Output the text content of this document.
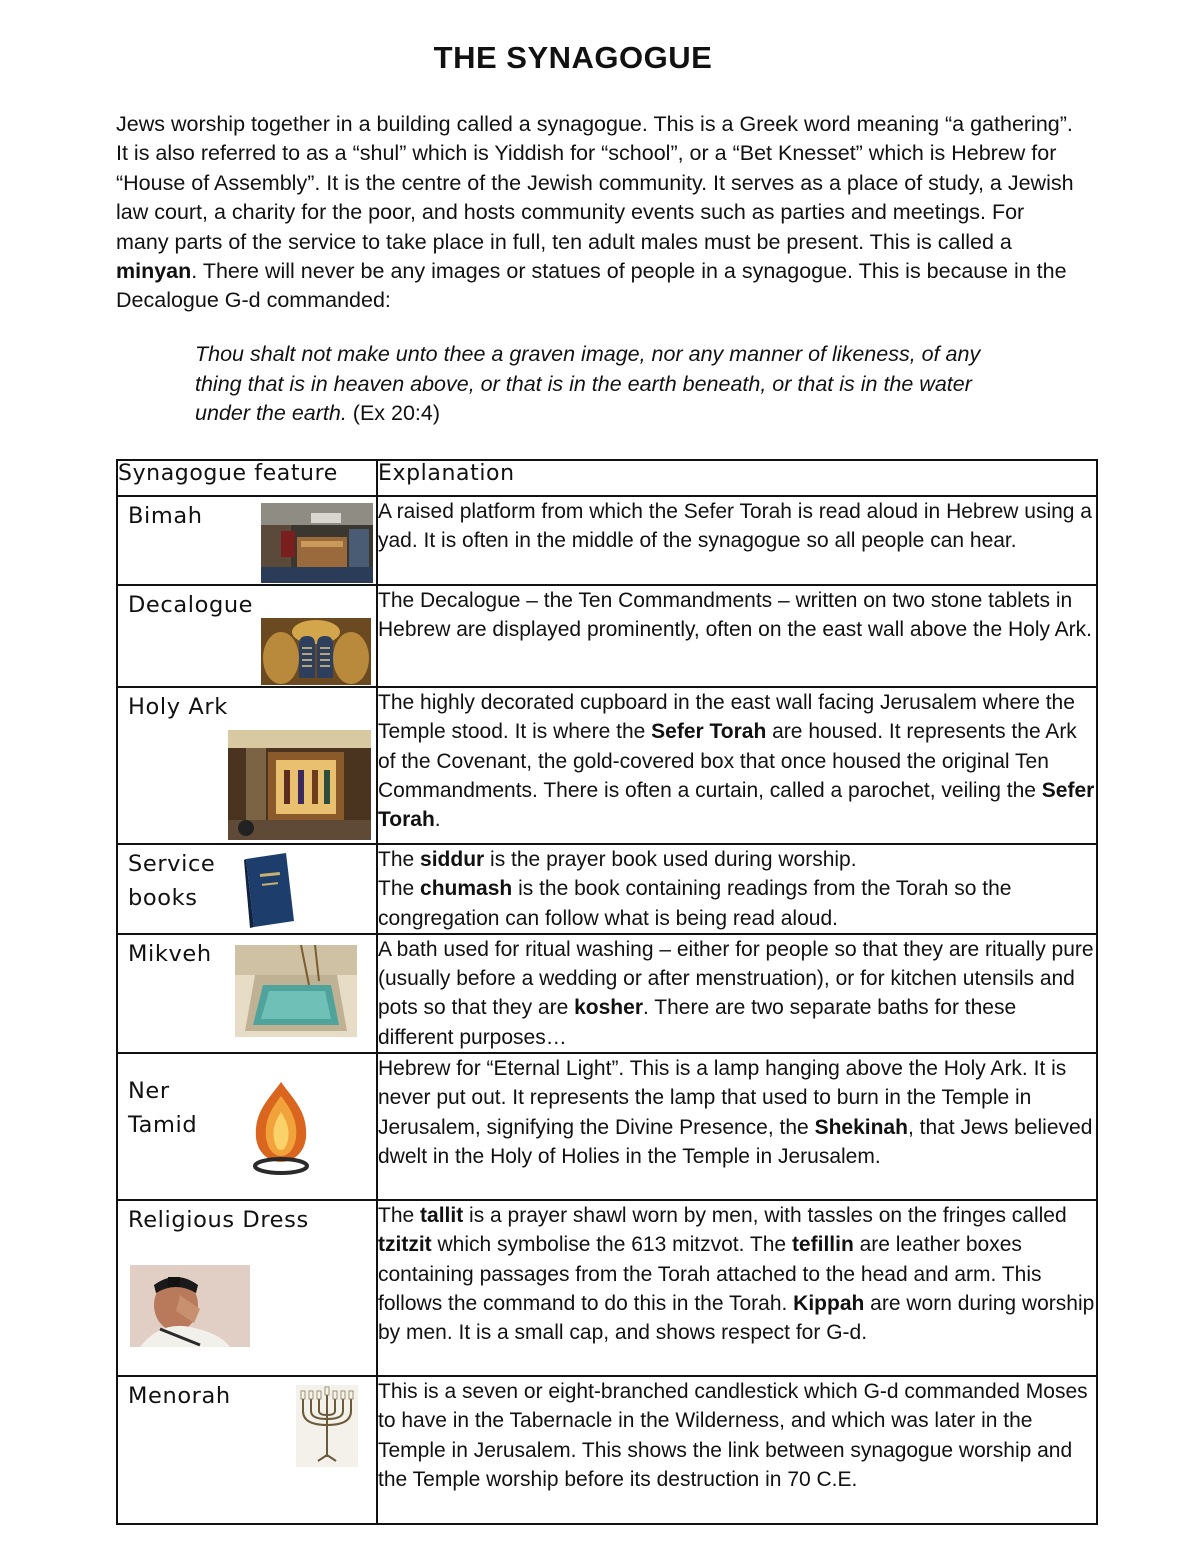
THE SYNAGOGUE

Jews worship together in a building called a synagogue. This is a Greek word meaning “a gathering”. It is also referred to as a “shul” which is Yiddish for “school”, or a “Bet Knesset” which is Hebrew for “House of Assembly”. It is the centre of the Jewish community. It serves as a place of study, a Jewish law court, a charity for the poor, and hosts community events such as parties and meetings. For many parts of the service to take place in full, ten adult males must be present. This is called a minyan. There will never be any images or statues of people in a synagogue. This is because in the Decalogue G-d commanded:

Thou shalt not make unto thee a graven image, nor any manner of likeness, of any thing that is in heaven above, or that is in the earth beneath, or that is in the water under the earth. (Ex 20:4)

Synagogue feature	Explanation

Bimah	A raised platform from which the Sefer Torah is read aloud in Hebrew using a yad. It is often in the middle of the synagogue so all people can hear.

Decalogue	The Decalogue – the Ten Commandments – written on two stone tablets in Hebrew are displayed prominently, often on the east wall above the Holy Ark.

Holy Ark	The highly decorated cupboard in the east wall facing Jerusalem where the Temple stood. It is where the Sefer Torah are housed. It represents the Ark of the Covenant, the gold-covered box that once housed the original Ten Commandments. There is often a curtain, called a parochet, veiling the Sefer Torah.

Service
books	The siddur is the prayer book used during worship.
The chumash is the book containing readings from the Torah so the congregation can follow what is being read aloud.

Mikveh	A bath used for ritual washing – either for people so that they are ritually pure (usually before a wedding or after menstruation), or for kitchen utensils and pots so that they are kosher. There are two separate baths for these different purposes…

Ner
Tamid	Hebrew for “Eternal Light”. This is a lamp hanging above the Holy Ark. It is never put out. It represents the lamp that used to burn in the Temple in Jerusalem, signifying the Divine Presence, the Shekinah, that Jews believed dwelt in the Holy of Holies in the Temple in Jerusalem.

Religious Dress	The tallit is a prayer shawl worn by men, with tassles on the fringes called tzitzit which symbolise the 613 mitzvot. The tefillin are leather boxes containing passages from the Torah attached to the head and arm. This follows the command to do this in the Torah. Kippah are worn during worship by men. It is a small cap, and shows respect for G-d.

Menorah	This is a seven or eight-branched candlestick which G-d commanded Moses to have in the Tabernacle in the Wilderness, and which was later in the Temple in Jerusalem. This shows the link between synagogue worship and the Temple worship before its destruction in 70 C.E.
